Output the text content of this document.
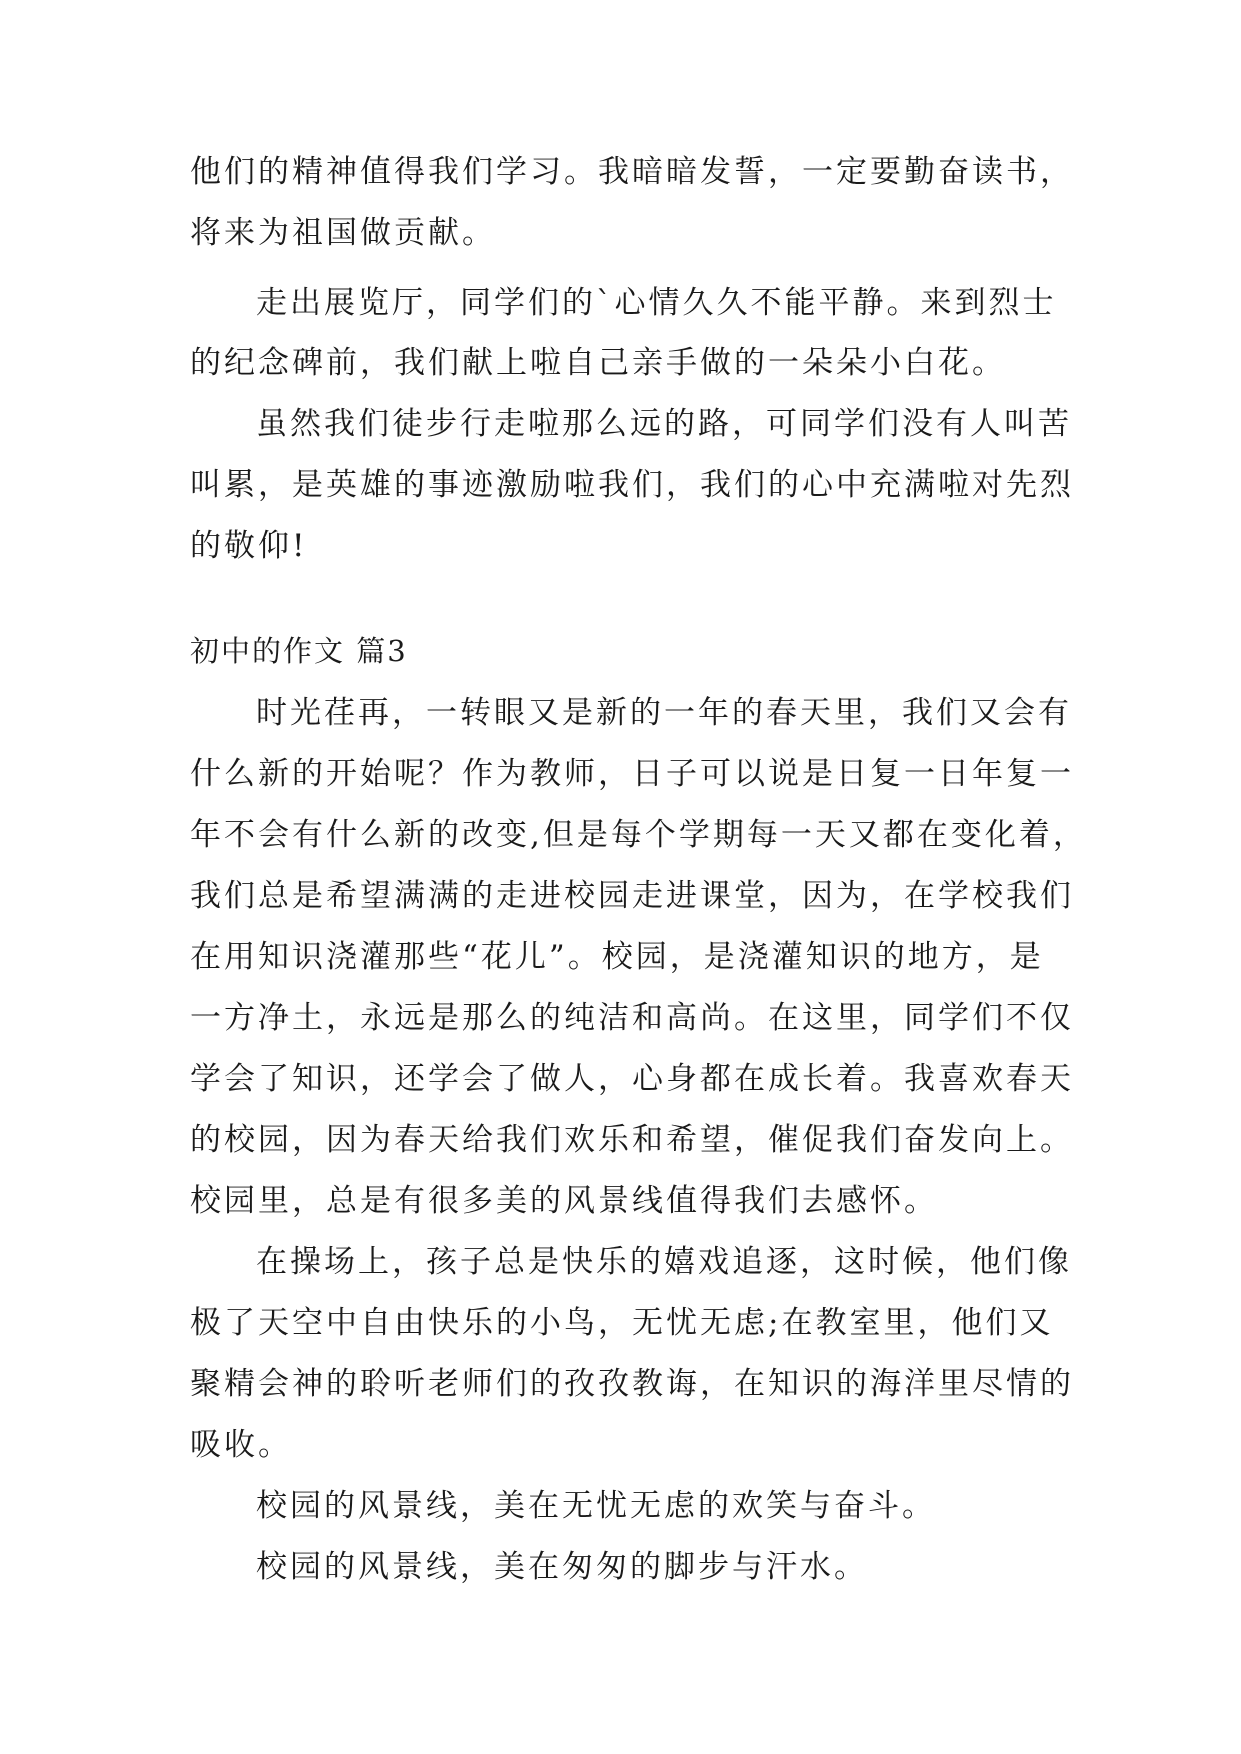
他们的精神值得我们学习。我暗暗发誓，一定要勤奋读书，
将来为祖国做贡献。
走出展览厅，同学们的`心情久久不能平静。来到烈士
的纪念碑前，我们献上啦自己亲手做的一朵朵小白花。
虽然我们徒步行走啦那么远的路，可同学们没有人叫苦
叫累，是英雄的事迹激励啦我们，我们的心中充满啦对先烈
的敬仰!
初中的作文 篇3
时光荏再，一转眼又是新的一年的春天里，我们又会有
什么新的开始呢？作为教师，日子可以说是日复一日年复一
年不会有什么新的改变,但是每个学期每一天又都在变化着，
我们总是希望满满的走进校园走进课堂，因为，在学校我们
在用知识浇灌那些“花儿”。校园，是浇灌知识的地方，是
一方净土，永远是那么的纯洁和高尚。在这里，同学们不仅
学会了知识，还学会了做人，心身都在成长着。我喜欢春天
的校园，因为春天给我们欢乐和希望，催促我们奋发向上。
校园里，总是有很多美的风景线值得我们去感怀。
在操场上，孩子总是快乐的嬉戏追逐，这时候，他们像
极了天空中自由快乐的小鸟，无忧无虑;在教室里，他们又
聚精会神的聆听老师们的孜孜教诲，在知识的海洋里尽情的
吸收。
校园的风景线，美在无忧无虑的欢笑与奋斗。
校园的风景线，美在匆匆的脚步与汗水。
